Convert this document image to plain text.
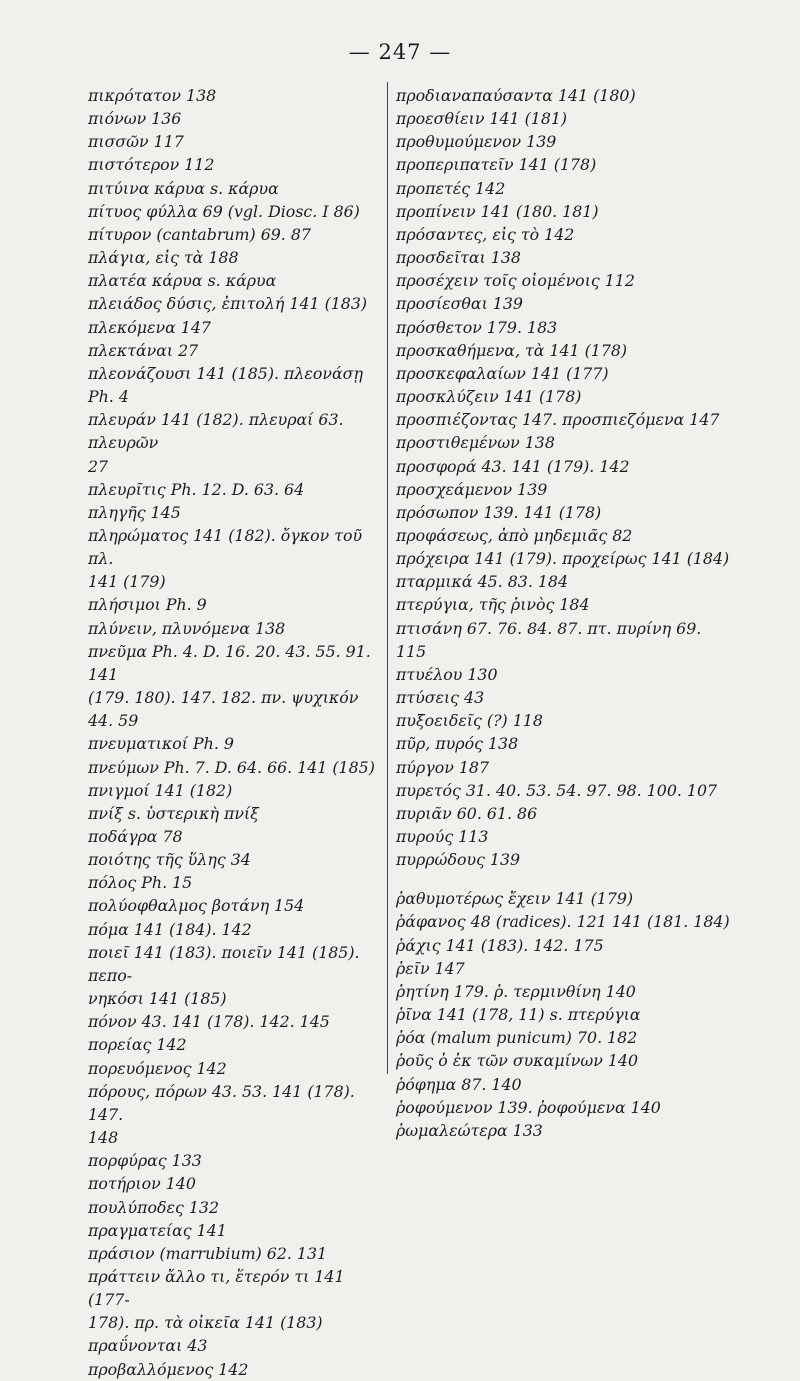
— 247 —
πικρότατον 138
πιόνων 136
πισσῶν 117
πιστότερον 112
πιτύινα κάρυα s. κάρυα
πίτυος φύλλα 69 (vgl. Diosc. I 86)
πίτυρον (cantabrum) 69. 87
πλάγια, εἰς τὰ 188
πλατέα κάρυα s. κάρυα
πλειάδος δύσις, ἐπιτολή 141 (183)
πλεκόμενα 147
πλεκτάναι 27
πλεονάζουσι 141 (185). πλεονάσῃ Ph. 4
πλευράν 141 (182). πλευραί 63. πλευρῶν
27
πλευρῖτις Ph. 12. D. 63. 64
πληγῆς 145
πληρώματος 141 (182). ὄγκον τοῦ πλ.
141 (179)
πλήσιμοι Ph. 9
πλύνειν, πλυνόμενα 138
πνεῦμα Ph. 4. D. 16. 20. 43. 55. 91. 141
(179. 180). 147. 182. πν. ψυχικόν 44. 59
πνευματικοί Ph. 9
πνεύμων Ph. 7. D. 64. 66. 141 (185)
πνιγμοί 141 (182)
πνίξ s. ὑστερικὴ πνίξ
ποδάγρα 78
ποιότης τῆς ὕλης 34
πόλος Ph. 15
πολύοφθαλμος βοτάνη 154
πόμα 141 (184). 142
ποιεῖ 141 (183). ποιεῖν 141 (185). πεπο-
νηκόσι 141 (185)
πόνον 43. 141 (178). 142. 145
πορείας 142
πορευόμενος 142
πόρους, πόρων 43. 53. 141 (178). 147.
148
πορφύρας 133
ποτήριον 140
πουλύποδες 132
πραγματείας 141
πράσιον (marrubium) 62. 131
πράττειν ἄλλο τι, ἕτερόν τι 141 (177-
178). πρ. τὰ οἰκεῖα 141 (183)
πραΰνονται 43
προβαλλόμενος 142
προδιαναπαύσαντα 141 (180)
προεσθίειν 141 (181)
προθυμούμενον 139
προπεριπατεῖν 141 (178)
προπετές 142
προπίνειν 141 (180. 181)
πρόσαντες, εἰς τὸ 142
προσδεῖται 138
προσέχειν τοῖς οἰομένοις 112
προσίεσθαι 139
πρόσθετον 179. 183
προσκαθήμενα, τὰ 141 (178)
προσκεφαλαίων 141 (177)
προσκλύζειν 141 (178)
προσπιέζοντας 147. προσπιεζόμενα 147
προστιθεμένων 138
προσφορά 43. 141 (179). 142
προσχεάμενον 139
πρόσωπον 139. 141 (178)
προφάσεως, ἀπὸ μηδεμιᾶς 82
πρόχειρα 141 (179). προχείρως 141 (184)
πταρμικά 45. 83. 184
πτερύγια, τῆς ῥινὸς 184
πτισάνη 67. 76. 84. 87. πτ. πυρίνη 69.
115
πτυέλου 130
πτύσεις 43
πυξοειδεῖς (?) 118
πῦρ, πυρός 138
πύργον 187
πυρετός 31. 40. 53. 54. 97. 98. 100. 107
πυριᾶν 60. 61. 86
πυρούς 113
πυρρώδους 139
ῥαθυμοτέρως ἔχειν 141 (179)
ῥάφανος 48 (radices). 121 141 (181. 184)
ῥάχις 141 (183). 142. 175
ῥεῖν 147
ῥητίνη 179. ῥ. τερμινθίνη 140
ῥῖνα 141 (178, 11) s. πτερύγια
ῥόα (malum punicum) 70. 182
ῥοῦς ὁ ἐκ τῶν συκαμίνων 140
ῥόφημα 87. 140
ῥοφούμενον 139. ῥοφούμενα 140
ῥωμαλεώτερα 133
